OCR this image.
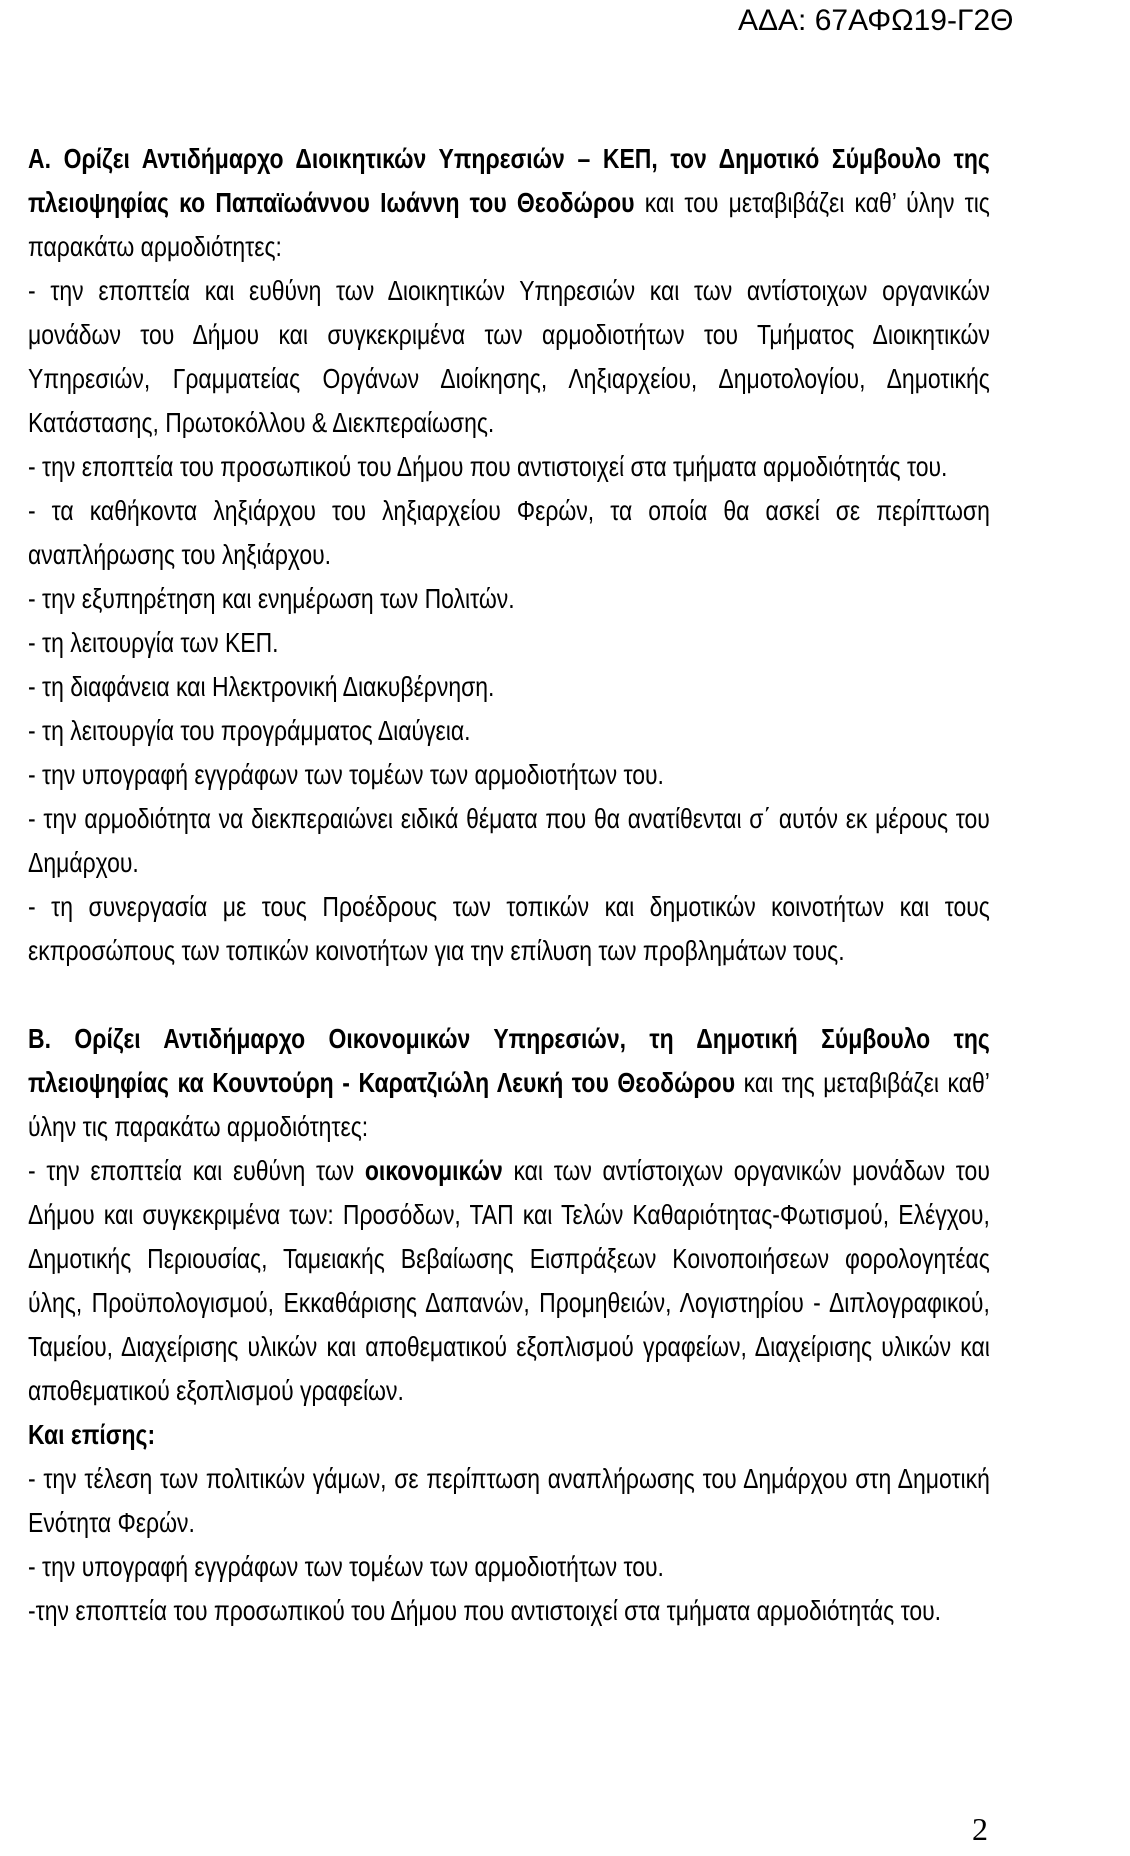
ΑΔΑ: 67ΑΦΩ19-Γ2Θ

Α. Ορίζει Αντιδήμαρχο Διοικητικών Υπηρεσιών – ΚΕΠ, τον Δημοτικό Σύμβουλο της πλειοψηφίας κο Παπαϊωάννου Ιωάννη του Θεοδώρου και του μεταβιβάζει καθ’ ύλην τις παρακάτω αρμοδιότητες:

- την εποπτεία και ευθύνη των Διοικητικών Υπηρεσιών και των αντίστοιχων οργανικών μονάδων του Δήμου και συγκεκριμένα των αρμοδιοτήτων του Τμήματος Διοικητικών Υπηρεσιών, Γραμματείας Οργάνων Διοίκησης, Ληξιαρχείου, Δημοτολογίου, Δημοτικής Κατάστασης, Πρωτοκόλλου & Διεκπεραίωσης.

- την εποπτεία του προσωπικού του Δήμου που αντιστοιχεί στα τμήματα αρμοδιότητάς του.

- τα καθήκοντα ληξιάρχου του ληξιαρχείου Φερών, τα οποία θα ασκεί σε περίπτωση αναπλήρωσης του ληξιάρχου.

- την εξυπηρέτηση και ενημέρωση των Πολιτών.

- τη λειτουργία των ΚΕΠ.

- τη διαφάνεια και Ηλεκτρονική Διακυβέρνηση.

- τη λειτουργία του προγράμματος Διαύγεια.

- την υπογραφή εγγράφων των τομέων των αρμοδιοτήτων του.

- την αρμοδιότητα να διεκπεραιώνει ειδικά θέματα που θα ανατίθενται σ΄ αυτόν εκ μέρους του Δημάρχου.

- τη συνεργασία με τους Προέδρους των τοπικών και δημοτικών κοινοτήτων και τους εκπροσώπους των τοπικών κοινοτήτων για την επίλυση των προβλημάτων τους.

Β. Ορίζει Αντιδήμαρχο Οικονομικών Υπηρεσιών, τη Δημοτική Σύμβουλο της πλειοψηφίας κα Κουντούρη - Καρατζιώλη Λευκή του Θεοδώρου και της μεταβιβάζει καθ’ ύλην τις παρακάτω αρμοδιότητες:

- την εποπτεία και ευθύνη των οικονομικών και των αντίστοιχων οργανικών μονάδων του Δήμου και συγκεκριμένα των: Προσόδων, ΤΑΠ και Τελών Καθαριότητας-Φωτισμού, Ελέγχου, Δημοτικής Περιουσίας, Ταμειακής Βεβαίωσης Εισπράξεων Κοινοποιήσεων φορολογητέας ύλης, Προϋπολογισμού, Εκκαθάρισης Δαπανών, Προμηθειών, Λογιστηρίου - Διπλογραφικού, Ταμείου, Διαχείρισης υλικών και αποθεματικού εξοπλισμού γραφείων, Διαχείρισης υλικών και αποθεματικού εξοπλισμού γραφείων.

Και επίσης:

- την τέλεση των πολιτικών γάμων, σε περίπτωση αναπλήρωσης του Δημάρχου στη Δημοτική Ενότητα Φερών.

- την υπογραφή εγγράφων των τομέων των αρμοδιοτήτων του.

-την εποπτεία του προσωπικού του Δήμου που αντιστοιχεί στα τμήματα αρμοδιότητάς του.

2
